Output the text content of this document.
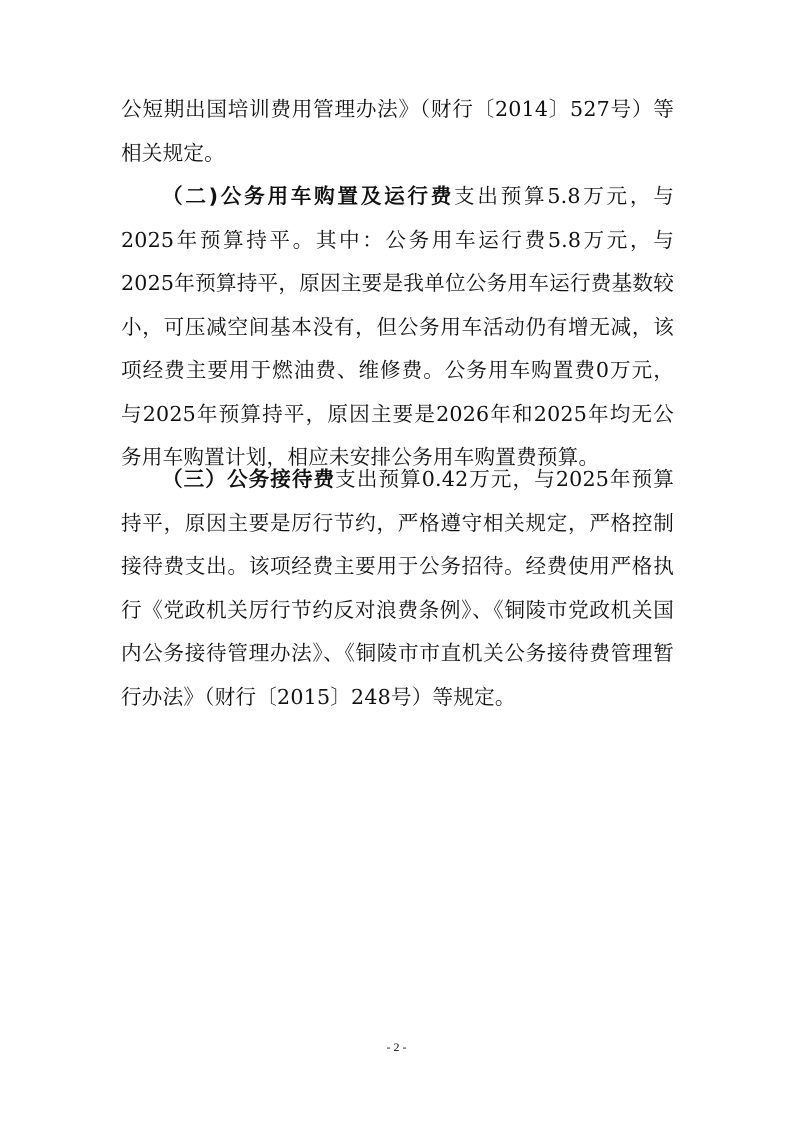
公短期出国培训费用管理办法》（财行〔2014〕527号）等相关规定。

（二)公务用车购置及运行费支出预算5.8万元，与2025年预算持平。其中：公务用车运行费5.8万元，与2025年预算持平，原因主要是我单位公务用车运行费基数较小，可压减空间基本没有，但公务用车活动仍有增无减，该项经费主要用于燃油费、维修费。公务用车购置费0万元，与2025年预算持平，原因主要是2026年和2025年均无公务用车购置计划，相应未安排公务用车购置费预算。

（三）公务接待费支出预算0.42万元，与2025年预算持平，原因主要是厉行节约，严格遵守相关规定，严格控制接待费支出。该项经费主要用于公务招待。经费使用严格执行《党政机关厉行节约反对浪费条例》、《铜陵市党政机关国内公务接待管理办法》、《铜陵市市直机关公务接待费管理暂行办法》（财行〔2015〕248号）等规定。

- 2 -
